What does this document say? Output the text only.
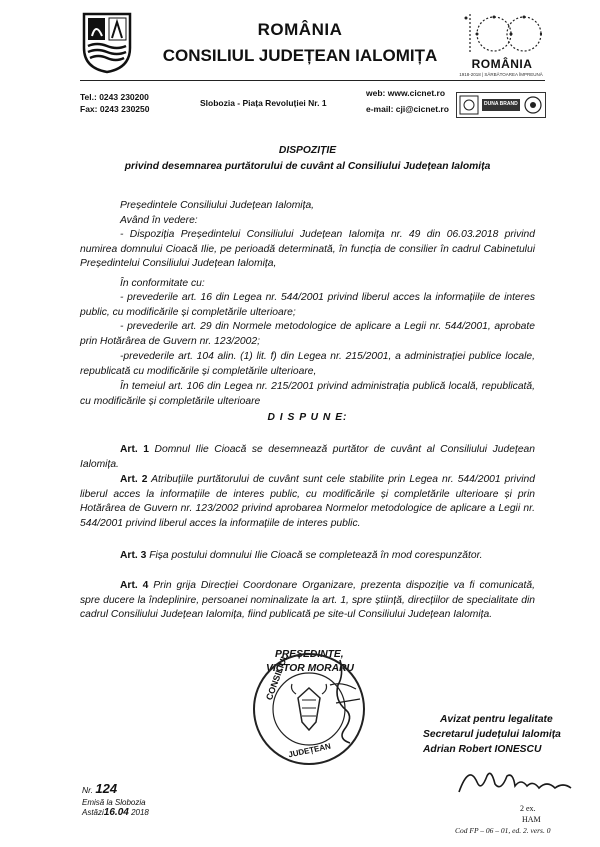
ROMÂNIA
CONSILIUL JUDEȚEAN IALOMIȚA	ROMÂNIA
1918-2018 | SĂRBĂTOAREA ÎMPREUNĂ
Tel.: 0243 230200
Fax: 0243 230250
Slobozia - Piața Revoluției Nr. 1
web: www.cicnet.ro
e-mail: cji@cicnet.ro	DUNA BRAND
DISPOZIȚIE
privind desemnarea purtătorului de cuvânt al Consiliului Județean Ialomița
Președintele Consiliului Județean Ialomița,
Având în vedere:
- Dispoziția Președintelui Consiliului Județean Ialomița nr. 49 din 06.03.2018 privind numirea domnului Cioacă Ilie, pe perioadă determinată, în funcția de consilier în cadrul Cabinetului Președintelui Consiliului Județean Ialomița,
În conformitate cu:
- prevederile art. 16 din Legea nr. 544/2001 privind liberul acces la informațiile de interes public, cu modificările și completările ulterioare;
- prevederile art. 29 din Normele metodologice de aplicare a Legii nr. 544/2001, aprobate prin Hotărârea de Guvern nr. 123/2002;
-prevederile art. 104 alin. (1) lit. f) din Legea nr. 215/2001, a administrației publice locale, republicată cu modificările și completările ulterioare,
În temeiul art. 106 din Legea nr. 215/2001 privind administrația publică locală, republicată, cu modificările și completările ulterioare
D I S P U N E:
Art. 1 Domnul Ilie Cioacă se desemnează purtător de cuvânt al Consiliului Județean Ialomița.
Art. 2 Atribuțiile purtătorului de cuvânt sunt cele stabilite prin Legea nr. 544/2001 privind liberul acces la informațiile de interes public, cu modificările și completările ulterioare și prin Hotărârea de Guvern nr. 123/2002 privind aprobarea Normelor metodologice de aplicare a Legii nr. 544/2001 privind liberul acces la informațiile de interes public.
Art. 3 Fișa postului domnului Ilie Cioacă se completează în mod corespunzător.
Art. 4 Prin grija Direcției Coordonare Organizare, prezenta dispoziție va fi comunicată, spre ducere la îndeplinire, persoanei nominalizate la art. 1, spre știință, direcțiilor de specialitate din cadrul Consiliului Județean Ialomița, fiind publicată pe site-ul Consiliului Județean Ialomița.
PREȘEDINTE,
VICTOR MORARU
CONSILIUL
JUDEȚEAN
Avizat pentru legalitate
Secretarul județului Ialomița
Adrian Robert IONESCU
Nr. 124
Emisă la Slobozia
Astăzi16.04 2018	2 ex.
HAM
Cod FP – 06 – 01, ed. 2. vers. 0
